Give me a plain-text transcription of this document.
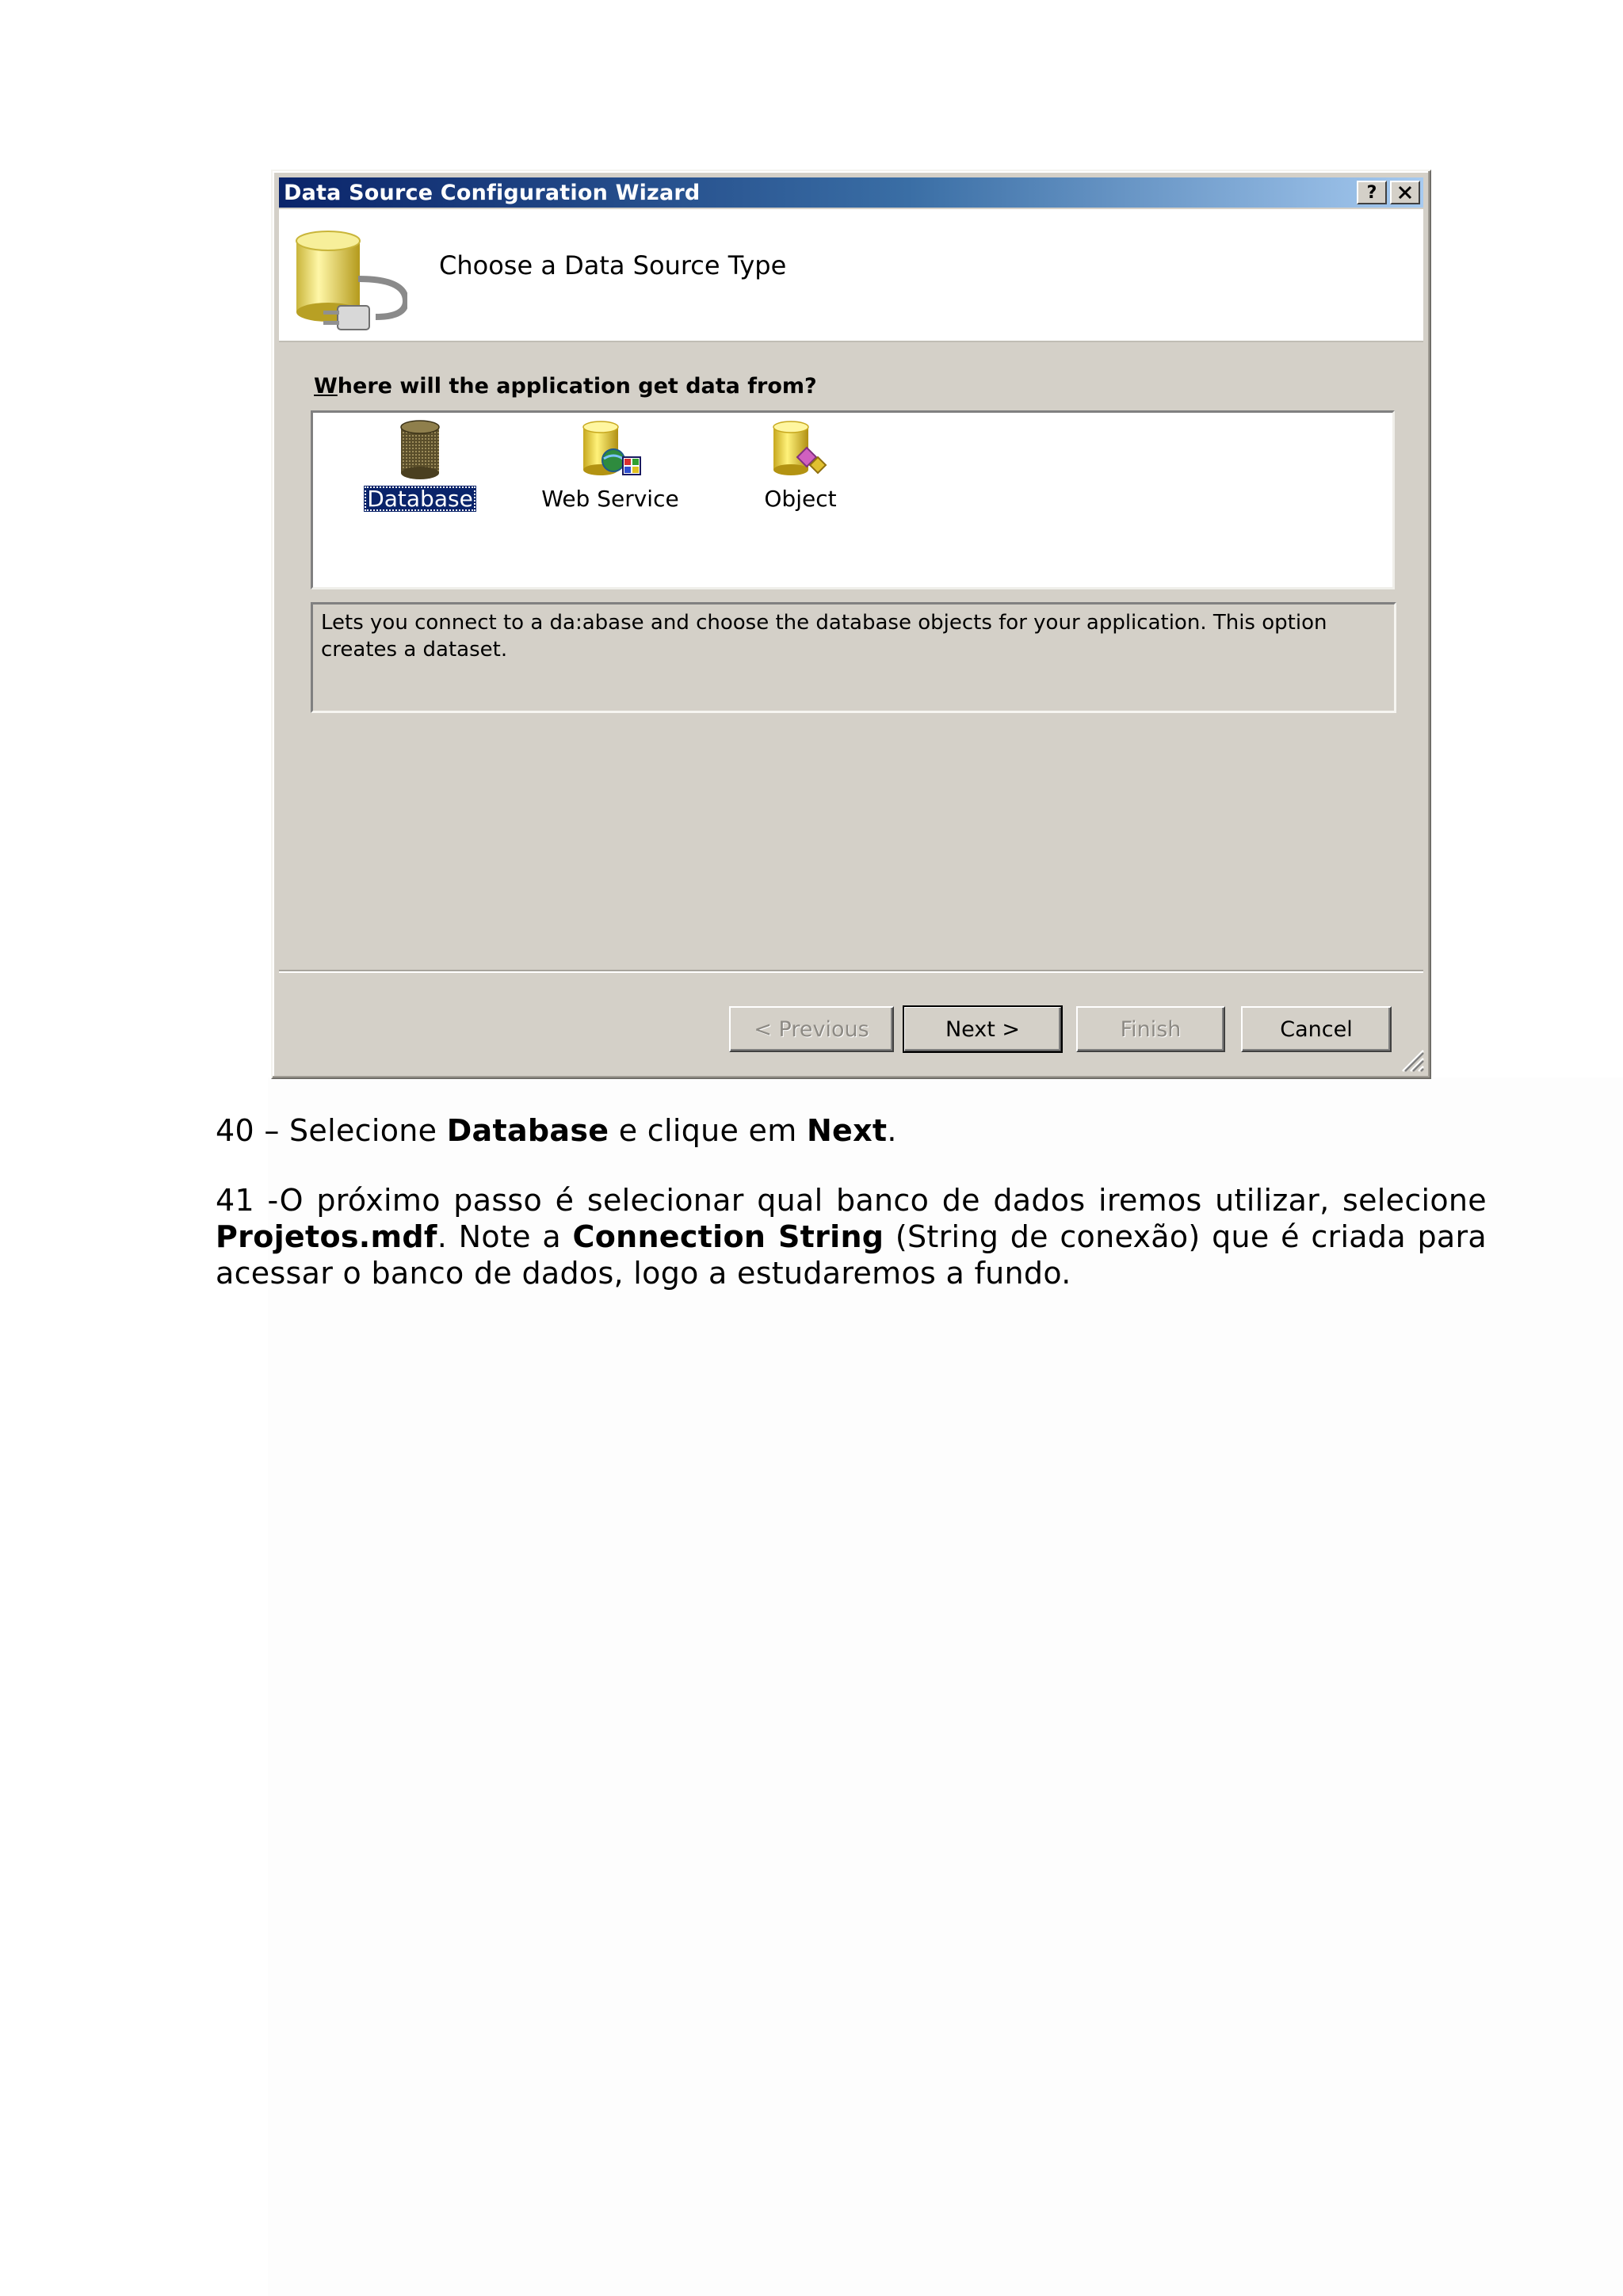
Data Source Configuration Wizard	?
Choose a Data Source Type
Where will the application get data from?
Database	Web Service	Object
Lets you connect to a da:abase and choose the database objects for your application. This option creates a dataset.
< Previous	Next >	Finish	Cancel
40 – Selecione Database e clique em Next.
41 -O próximo passo é selecionar qual banco de dados iremos utilizar, selecione Projetos.mdf. Note a Connection String (String de conexão) que é criada para acessar o banco de dados, logo a estudaremos a fundo.
